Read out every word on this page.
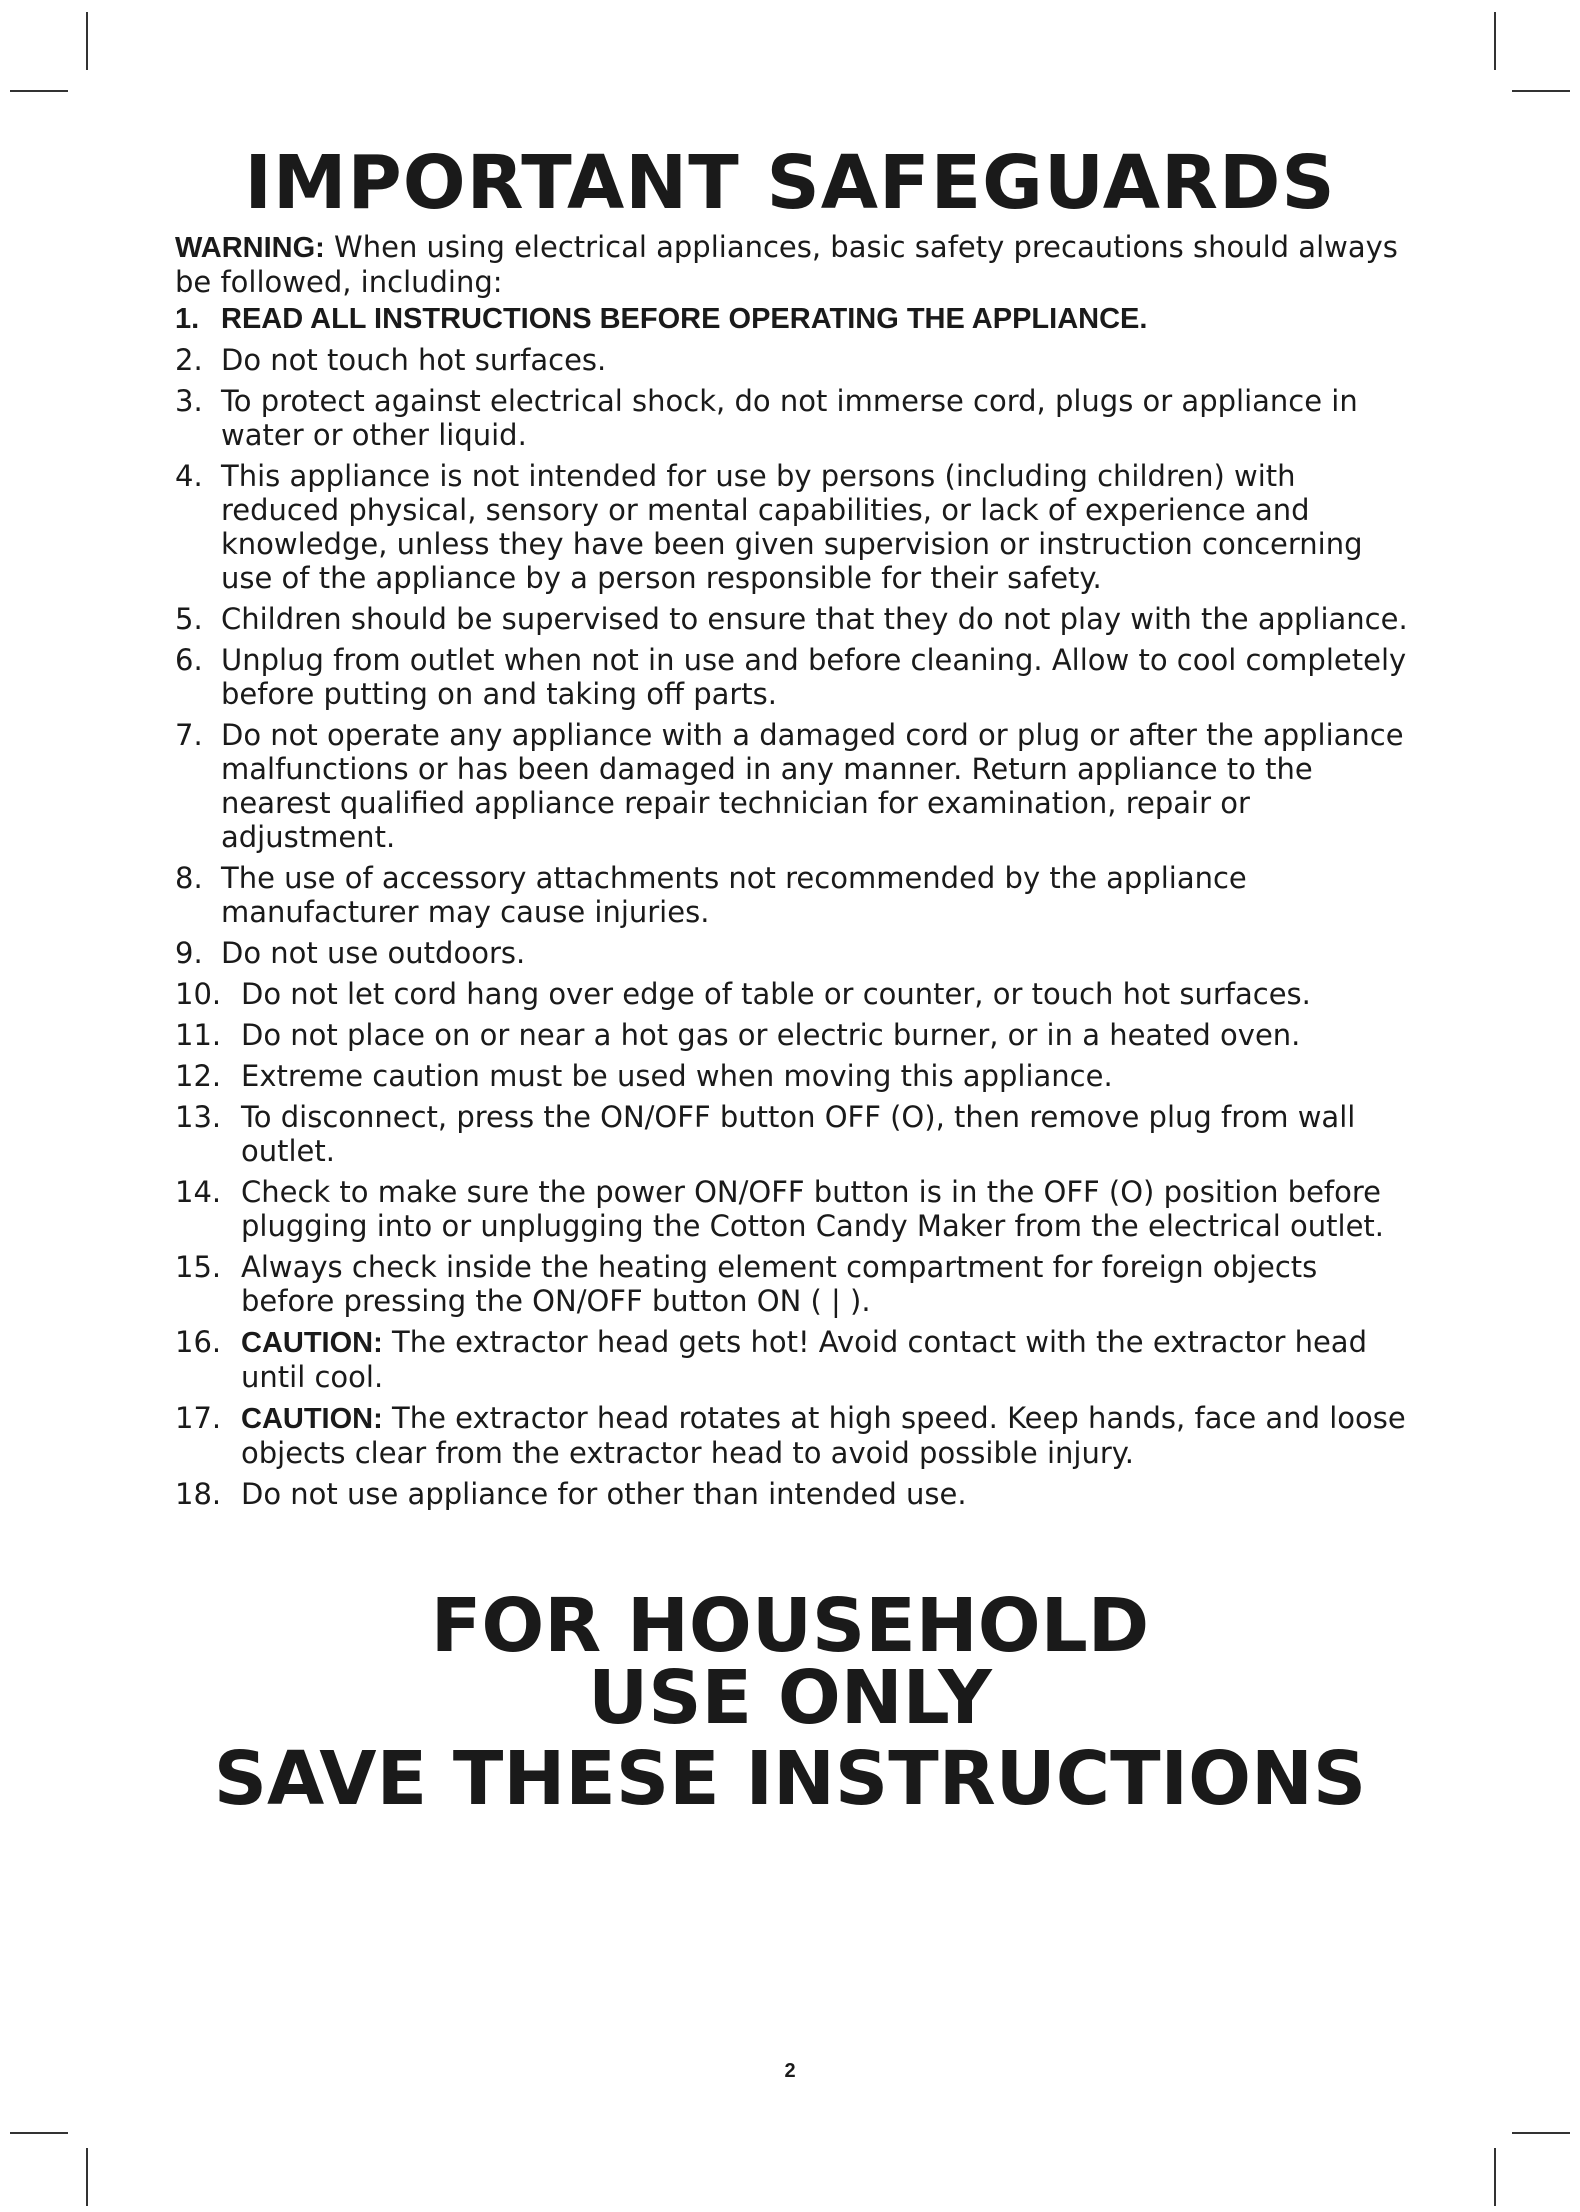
IMPORTANT SAFEGUARDS

WARNING: When using electrical appliances, basic safety precautions should always be followed, including:

1. READ ALL INSTRUCTIONS BEFORE OPERATING THE APPLIANCE.
2. Do not touch hot surfaces.
3. To protect against electrical shock, do not immerse cord, plugs or appliance in water or other liquid.
4. This appliance is not intended for use by persons (including children) with reduced physical, sensory or mental capabilities, or lack of experience and knowledge, unless they have been given supervision or instruction concerning use of the appliance by a person responsible for their safety.
5. Children should be supervised to ensure that they do not play with the appliance.
6. Unplug from outlet when not in use and before cleaning. Allow to cool completely before putting on and taking off parts.
7. Do not operate any appliance with a damaged cord or plug or after the appliance malfunctions or has been damaged in any manner. Return appliance to the nearest qualified appliance repair technician for examination, repair or adjustment.
8. The use of accessory attachments not recommended by the appliance manufacturer may cause injuries.
9. Do not use outdoors.
10. Do not let cord hang over edge of table or counter, or touch hot surfaces.
11. Do not place on or near a hot gas or electric burner, or in a heated oven.
12. Extreme caution must be used when moving this appliance.
13. To disconnect, press the ON/OFF button OFF (O), then remove plug from wall outlet.
14. Check to make sure the power ON/OFF button is in the OFF (O) position before plugging into or unplugging the Cotton Candy Maker from the electrical outlet.
15. Always check inside the heating element compartment for foreign objects before pressing the ON/OFF button ON ( | ).
16. CAUTION: The extractor head gets hot! Avoid contact with the extractor head until cool.
17. CAUTION: The extractor head rotates at high speed. Keep hands, face and loose objects clear from the extractor head to avoid possible injury.
18. Do not use appliance for other than intended use.
FOR HOUSEHOLD
USE ONLY
SAVE THESE INSTRUCTIONS
2
